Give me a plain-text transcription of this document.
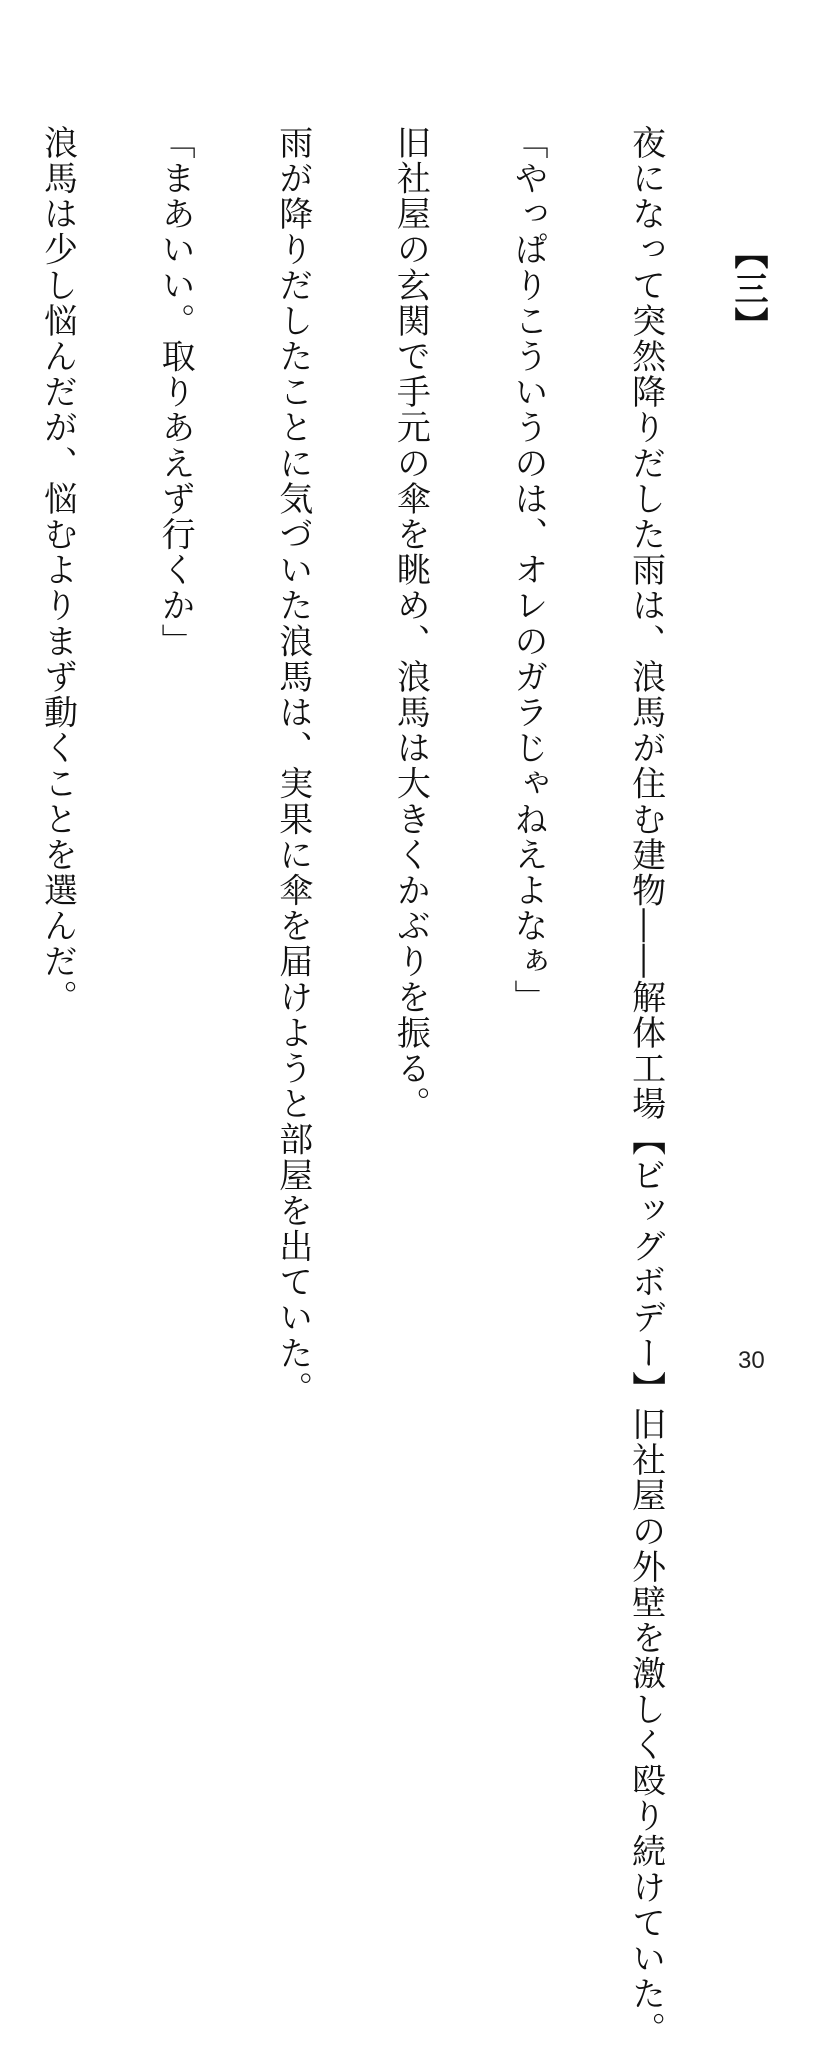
【三】

夜になって突然降りだした雨は、浪馬が住む建物――解体工場【ビッグボデー】旧社屋の外壁を激しく殴り続けていた。

「やっぱりこういうのは、オレのガラじゃねえよなぁ」

旧社屋の玄関で手元の傘を眺め、浪馬は大きくかぶりを振る。

雨が降りだしたことに気づいた浪馬は、実果に傘を届けようと部屋を出ていた。

「まあいい。取りあえず行くか」

浪馬は少し悩んだが、悩むよりまず動くことを選んだ。

30
